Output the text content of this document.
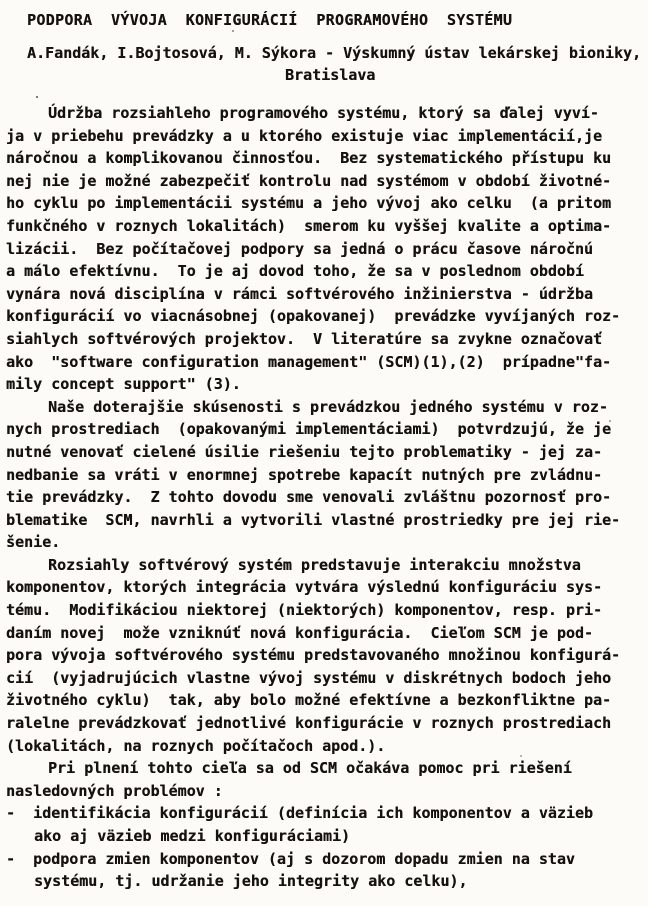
PODPORA  VÝVOJA  KONFIGURÁCIÍ  PROGRAMOVÉHO  SYSTÉMU
A.Fandák, I.Bojtosová, M. Sýkora - Výskumný ústav lekárskej bioniky,
Bratislava
Údržba rozsiahleho programového systému, ktorý sa ďalej vyví-
ja v priebehu prevádzky a u ktorého existuje viac implementácií,je
náročnou a komplikovanou činnosťou.  Bez systematického přístupu ku
nej nie je možné zabezpečiť kontrolu nad systémom v období životné-
ho cyklu po implementácii systému a jeho vývoj ako celku  (a pritom
funkčného v roznych lokalitách)  smerom ku vyššej kvalite a optima-
lizácii.  Bez počítačovej podpory sa jedná o prácu časove náročnú
a málo efektívnu.  To je aj dovod toho, že sa v poslednom období
vynára nová disciplína v rámci softvérového inžinierstva - údržba
konfigurácií vo viacnásobnej (opakovanej)  prevádzke vyvíjaných roz-
siahlych softvérových projektov.  V literatúre sa zvykne označovať
ako  "software configuration management" (SCM)(1),(2)  prípadne"fa-
mily concept support" (3).
Naše doterajšie skúsenosti s prevádzkou jedného systému v roz-
nych prostrediach  (opakovanými implementáciami)  potvrdzujú, že je
nutné venovať cielené úsilie riešeniu tejto problematiky - jej za-
nedbanie sa vráti v enormnej spotrebe kapacít nutných pre zvládnu-
tie prevádzky.  Z tohto dovodu sme venovali zvláštnu pozornosť pro-
blematike  SCM, navrhli a vytvorili vlastné prostriedky pre jej rie-
šenie.
Rozsiahly softvérový systém predstavuje interakciu množstva
komponentov, ktorých integrácia vytvára výslednú konfiguráciu sys-
tému.  Modifikáciou niektorej (niektorých) komponentov, resp. pri-
daním novej  može vzniknúť nová konfigurácia.  Cieľom SCM je pod-
pora vývoja softvérového systému predstavovaného množinou konfigurá-
cií  (vyjadrujúcich vlastne vývoj systému v diskrétnych bodoch jeho
životného cyklu)  tak, aby bolo možné efektívne a bezkonfliktne pa-
ralelne prevádzkovať jednotlivé konfigurácie v roznych prostrediach
(lokalitách, na roznych počítačoch apod.).
Pri plnení tohto cieľa sa od SCM očakáva pomoc pri riešení
nasledovných problémov :
-  identifikácia konfigurácií (definícia ich komponentov a väzieb
ako aj väzieb medzi konfiguráciami)
-  podpora zmien komponentov (aj s dozorom dopadu zmien na stav
systému, tj. udržanie jeho integrity ako celku),
